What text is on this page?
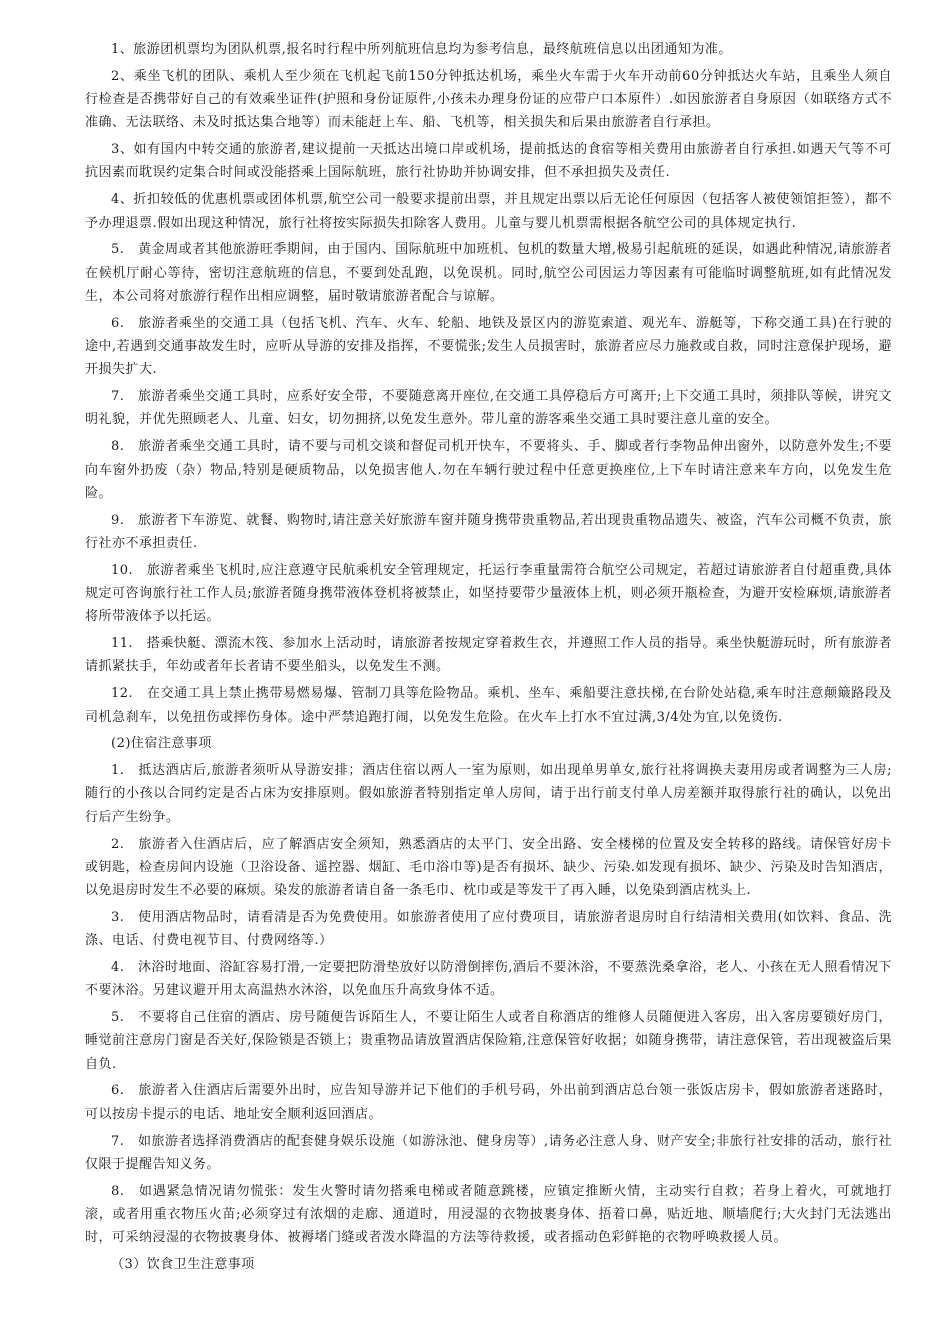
1、旅游团机票均为团队机票,报名时行程中所列航班信息均为参考信息，最终航班信息以出团通知为准。

2、乘坐飞机的团队、乘机人至少须在飞机起飞前150分钟抵达机场，乘坐火车需于火车开动前60分钟抵达火车站，且乘坐人须自行检查是否携带好自己的有效乘坐证件(护照和身份证原件,小孩未办理身份证的应带户口本原件）.如因旅游者自身原因（如联络方式不准确、无法联络、未及时抵达集合地等）而未能赶上车、船、飞机等，相关损失和后果由旅游者自行承担。

3、如有国内中转交通的旅游者,建议提前一天抵达出境口岸或机场，提前抵达的食宿等相关费用由旅游者自行承担.如遇天气等不可抗因素而耽误约定集合时间或没能搭乘上国际航班，旅行社协助并协调安排，但不承担损失及责任.

4、折扣较低的优惠机票或团体机票,航空公司一般要求提前出票，并且规定出票以后无论任何原因（包括客人被使领馆拒签），都不予办理退票.假如出现这种情况，旅行社将按实际损失扣除客人费用。儿童与婴儿机票需根据各航空公司的具体规定执行.

5.　黄金周或者其他旅游旺季期间，由于国内、国际航班中加班机、包机的数量大增,极易引起航班的延误，如遇此种情况,请旅游者在候机厅耐心等待，密切注意航班的信息，不要到处乱跑，以免误机。同时,航空公司因运力等因素有可能临时调整航班,如有此情况发生，本公司将对旅游行程作出相应调整，届时敬请旅游者配合与谅解。

6.　旅游者乘坐的交通工具（包括飞机、汽车、火车、轮船、地铁及景区内的游览索道、观光车、游艇等，下称交通工具)在行驶的途中,若遇到交通事故发生时，应听从导游的安排及指挥，不要慌张;发生人员损害时，旅游者应尽力施救或自救，同时注意保护现场，避开损失扩大.

7.　旅游者乘坐交通工具时，应系好安全带，不要随意离开座位,在交通工具停稳后方可离开;上下交通工具时，须排队等候，讲究文明礼貌，并优先照顾老人、儿童、妇女，切勿拥挤,以免发生意外。带儿童的游客乘坐交通工具时要注意儿童的安全。

8.　旅游者乘坐交通工具时，请不要与司机交谈和督促司机开快车，不要将头、手、脚或者行李物品伸出窗外，以防意外发生;不要向车窗外扔废（杂）物品,特别是硬质物品，以免损害他人.勿在车辆行驶过程中任意更换座位,上下车时请注意来车方向，以免发生危险。

9.　旅游者下车游览、就餐、购物时,请注意关好旅游车窗并随身携带贵重物品,若出现贵重物品遗失、被盗，汽车公司概不负责，旅行社亦不承担责任.

10.　旅游者乘坐飞机时,应注意遵守民航乘机安全管理规定，托运行李重量需符合航空公司规定，若超过请旅游者自付超重费,具体规定可咨询旅行社工作人员;旅游者随身携带液体登机将被禁止，如坚持要带少量液体上机，则必须开瓶检查，为避开安检麻烦,请旅游者将所带液体予以托运。

11.　搭乘快艇、漂流木筏、参加水上活动时，请旅游者按规定穿着救生衣，并遵照工作人员的指导。乘坐快艇游玩时，所有旅游者请抓紧扶手，年幼或者年长者请不要坐船头，以免发生不测。

12.　在交通工具上禁止携带易燃易爆、管制刀具等危险物品。乘机、坐车、乘船要注意扶梯,在台阶处站稳,乘车时注意颠簸路段及司机急刹车，以免扭伤或摔伤身体。途中严禁追跑打闹，以免发生危险。在火车上打水不宜过满,3/4处为宜,以免烫伤.

(2)住宿注意事项

1.　抵达酒店后,旅游者须听从导游安排；酒店住宿以两人一室为原则，如出现单男单女,旅行社将调换夫妻用房或者调整为三人房;随行的小孩以合同约定是否占床为安排原则。假如旅游者特别指定单人房间，请于出行前支付单人房差额并取得旅行社的确认，以免出行后产生纷争。

2.　旅游者入住酒店后，应了解酒店安全须知，熟悉酒店的太平门、安全出路、安全楼梯的位置及安全转移的路线。请保管好房卡或钥匙，检查房间内设施（卫浴设备、遥控器、烟缸、毛巾浴巾等)是否有损坏、缺少、污染.如发现有损坏、缺少、污染及时告知酒店，以免退房时发生不必要的麻烦。染发的旅游者请自备一条毛巾、枕巾或是等发干了再入睡，以免染到酒店枕头上.

3.　使用酒店物品时，请看清是否为免费使用。如旅游者使用了应付费项目，请旅游者退房时自行结清相关费用(如饮料、食品、洗涤、电话、付费电视节目、付费网络等.）

4.　沐浴时地面、浴缸容易打滑,一定要把防滑垫放好以防滑倒摔伤,酒后不要沐浴，不要蒸洗桑拿浴，老人、小孩在无人照看情况下不要沐浴。另建议避开用太高温热水沐浴，以免血压升高致身体不适。

5.　不要将自己住宿的酒店、房号随便告诉陌生人，不要让陌生人或者自称酒店的维修人员随便进入客房，出入客房要锁好房门，睡觉前注意房门窗是否关好,保险锁是否锁上；贵重物品请放置酒店保险箱,注意保管好收据；如随身携带，请注意保管，若出现被盗后果自负.

6.　旅游者入住酒店后需要外出时，应告知导游并记下他们的手机号码，外出前到酒店总台领一张饭店房卡，假如旅游者迷路时，可以按房卡提示的电话、地址安全顺利返回酒店。

7.　如旅游者选择消费酒店的配套健身娱乐设施（如游泳池、健身房等）,请务必注意人身、财产安全;非旅行社安排的活动，旅行社仅限于提醒告知义务。

8.　如遇紧急情况请勿慌张：发生火警时请勿搭乘电梯或者随意跳楼，应镇定推断火情，主动实行自救；若身上着火，可就地打滚，或者用重衣物压火苗;必须穿过有浓烟的走廊、通道时，用浸湿的衣物披裹身体、捂着口鼻，贴近地、顺墙爬行;大火封门无法逃出时，可采纳浸湿的衣物披裹身体、被褥堵门缝或者泼水降温的方法等待救援，或者摇动色彩鲜艳的衣物呼唤救援人员。

（3）饮食卫生注意事项
